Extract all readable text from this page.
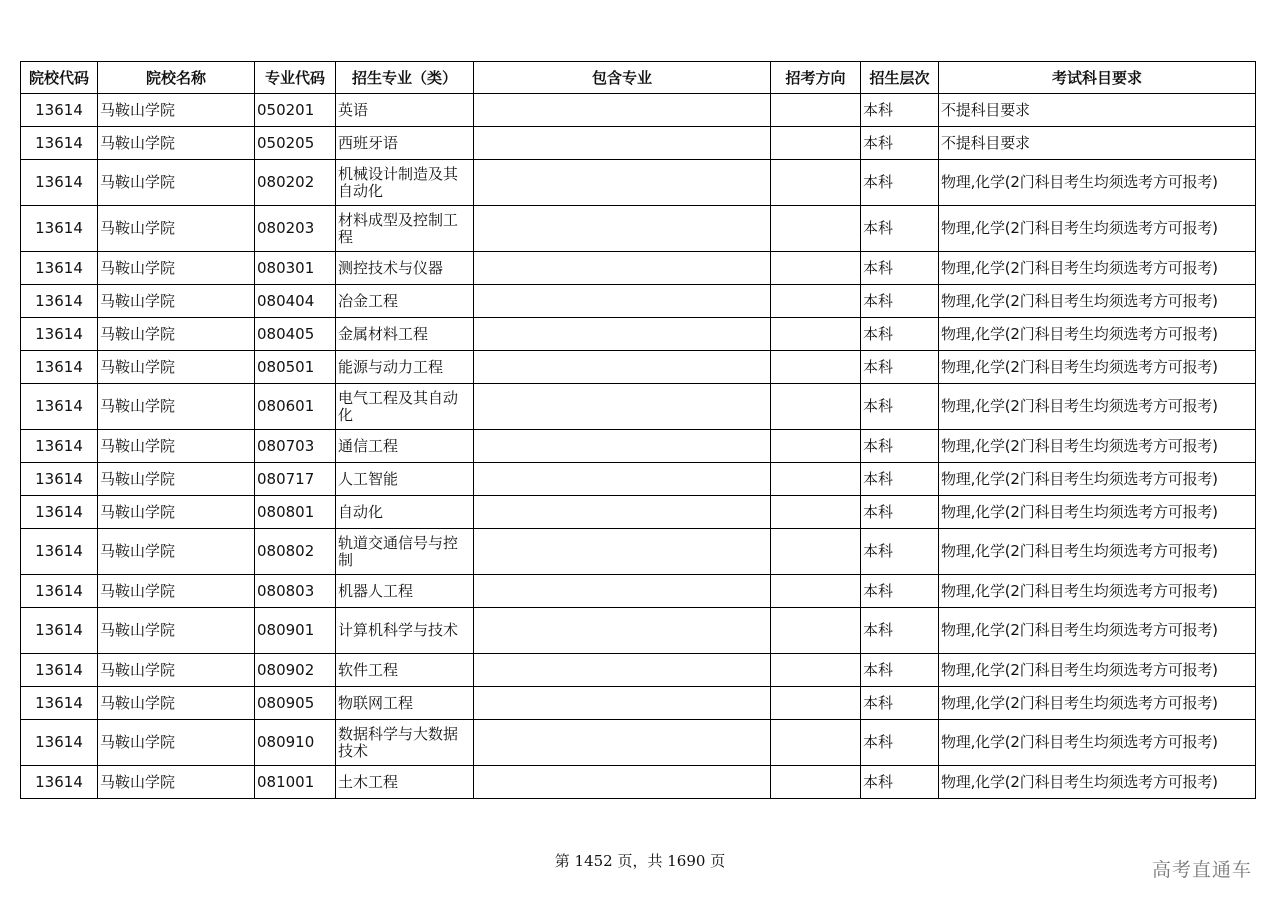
院校代码	院校名称	专业代码	招生专业（类）	包含专业	招考方向	招生层次	考试科目要求
13614	马鞍山学院	050201	英语			本科	不提科目要求
13614	马鞍山学院	050205	西班牙语			本科	不提科目要求
13614	马鞍山学院	080202	机械设计制造及其自动化			本科	物理,化学(2门科目考生均须选考方可报考)
13614	马鞍山学院	080203	材料成型及控制工程			本科	物理,化学(2门科目考生均须选考方可报考)
13614	马鞍山学院	080301	测控技术与仪器			本科	物理,化学(2门科目考生均须选考方可报考)
13614	马鞍山学院	080404	冶金工程			本科	物理,化学(2门科目考生均须选考方可报考)
13614	马鞍山学院	080405	金属材料工程			本科	物理,化学(2门科目考生均须选考方可报考)
13614	马鞍山学院	080501	能源与动力工程			本科	物理,化学(2门科目考生均须选考方可报考)
13614	马鞍山学院	080601	电气工程及其自动化			本科	物理,化学(2门科目考生均须选考方可报考)
13614	马鞍山学院	080703	通信工程			本科	物理,化学(2门科目考生均须选考方可报考)
13614	马鞍山学院	080717	人工智能			本科	物理,化学(2门科目考生均须选考方可报考)
13614	马鞍山学院	080801	自动化			本科	物理,化学(2门科目考生均须选考方可报考)
13614	马鞍山学院	080802	轨道交通信号与控制			本科	物理,化学(2门科目考生均须选考方可报考)
13614	马鞍山学院	080803	机器人工程			本科	物理,化学(2门科目考生均须选考方可报考)
13614	马鞍山学院	080901	计算机科学与技术			本科	物理,化学(2门科目考生均须选考方可报考)
13614	马鞍山学院	080902	软件工程			本科	物理,化学(2门科目考生均须选考方可报考)
13614	马鞍山学院	080905	物联网工程			本科	物理,化学(2门科目考生均须选考方可报考)
13614	马鞍山学院	080910	数据科学与大数据技术			本科	物理,化学(2门科目考生均须选考方可报考)
13614	马鞍山学院	081001	土木工程			本科	物理,化学(2门科目考生均须选考方可报考)
第 1452 页，共 1690 页	高考直通车
